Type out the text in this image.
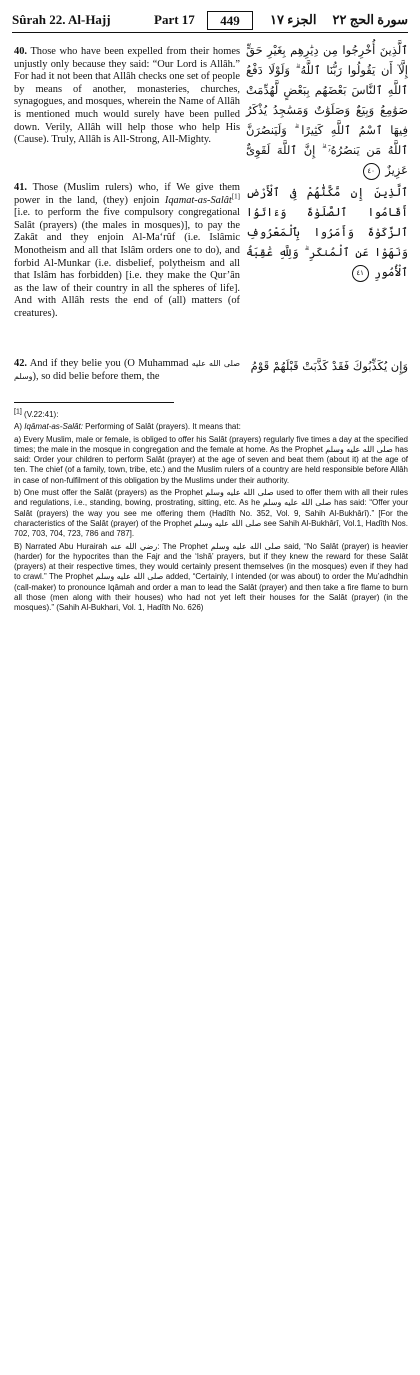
Sûrah 22. Al-Hajj	Part 17	449	الجزء ١٧ سورة الحج ٢٢
40. Those who have been expelled from their homes unjustly only because they said: “Our Lord is Allâh.” For had it not been that Allâh checks one set of people by means of another, monasteries, churches, synagogues, and mosques, wherein the Name of Allâh is mentioned much would surely have been pulled down. Verily, Allâh will help those who help His (Cause). Truly, Allâh is All-Strong, All-Mighty.
ٱلَّذِينَ أُخْرِجُوا مِن دِيَٰرِهِم بِغَيْرِ حَقٍّ إِلَّآ أَن يَقُولُوا رَبُّنَا ٱللَّهُ ۗ وَلَوْلَا دَفْعُ ٱللَّهِ ٱلنَّاسَ بَعْضَهُم بِبَعْضٍ لَّهُدِّمَتْ صَوَٰمِعُ وَبِيَعٌ وَصَلَوَٰتٌ وَمَسَٰجِدُ يُذْكَرُ فِيهَا ٱسْمُ ٱللَّهِ كَثِيرًا ۗ وَلَيَنصُرَنَّ ٱللَّهُ مَن يَنصُرُهُۥٓ ۗ إِنَّ ٱللَّهَ لَقَوِىٌّ عَزِيزٌ ٤٠
41. Those (Muslim rulers) who, if We give them power in the land, (they) enjoin Iqamat-as-Salât[1] [i.e. to perform the five compulsory congregational Salât (prayers) (the males in mosques)], to pay the Zakât and they enjoin Al-Ma‘rûf (i.e. Islâmic Monotheism and all that Islâm orders one to do), and forbid Al-Munkar (i.e. disbelief, polytheism and all that Islâm has forbidden) [i.e. they make the Qur’ân as the law of their country in all the spheres of life]. And with Allâh rests the end of (all) matters (of creatures).
ٱلَّذِينَ إِن مَّكَّنَّٰهُمْ فِى ٱلْأَرْضِ أَقَامُوا ٱلصَّلَوٰةَ وَءَاتَوُا ٱلزَّكَوٰةَ وَأَمَرُوا بِٱلْمَعْرُوفِ وَنَهَوْا عَنِ ٱلْمُنكَرِ ۗ وَلِلَّهِ عَٰقِبَةُ ٱلْأُمُورِ ٤١
42. And if they belie you (O Muhammad صلى الله عليه وسلم), so did belie before them, the
وَإِن يُكَذِّبُوكَ فَقَدْ كَذَّبَتْ قَبْلَهُمْ قَوْمُ

[1] (V.22:41):

A) Iqâmat-as-Salât: Performing of Salât (prayers). It means that:

a) Every Muslim, male or female, is obliged to offer his Salât (prayers) regularly five times a day at the specified times; the male in the mosque in congregation and the female at home. As the Prophet صلى الله عليه وسلم has said: Order your children to perform Salât (prayer) at the age of seven and beat them (about it) at the age of ten. The chief (of a family, town, tribe, etc.) and the Muslim rulers of a country are held responsible before Allâh in case of non-fulfilment of this obligation by the Muslims under their authority.

b) One must offer the Salât (prayers) as the Prophet صلى الله عليه وسلم used to offer them with all their rules and regulations, i.e., standing, bowing, prostrating, sitting, etc. As he صلى الله عليه وسلم has said: “Offer your Salât (prayers) the way you see me offering them (Hadîth No. 352, Vol. 9, Sahih Al-Bukhârî).” [For the characteristics of the Salât (prayer) of the Prophet صلى الله عليه وسلم see Sahih Al-Bukhârî, Vol.1, Hadîth Nos. 702, 703, 704, 723, 786 and 787].

B) Narrated Abu Hurairah رضي الله عنه: The Prophet صلى الله عليه وسلم said, “No Salât (prayer) is heavier (harder) for the hypocrites than the Fajr and the ‘Ishâ’ prayers, but if they knew the reward for these Salât (prayers) at their respective times, they would certainly present themselves (in the mosques) even if they had to crawl.” The Prophet صلى الله عليه وسلم added, “Certainly, I intended (or was about) to order the Mu’adhdhin (call-maker) to pronounce Iqâmah and order a man to lead the Salât (prayer) and then take a fire flame to burn all those (men along with their houses) who had not yet left their houses for the Salât (prayer) (in the mosques).” (Sahih Al-Bukhari, Vol. 1, Hadîth No. 626)
